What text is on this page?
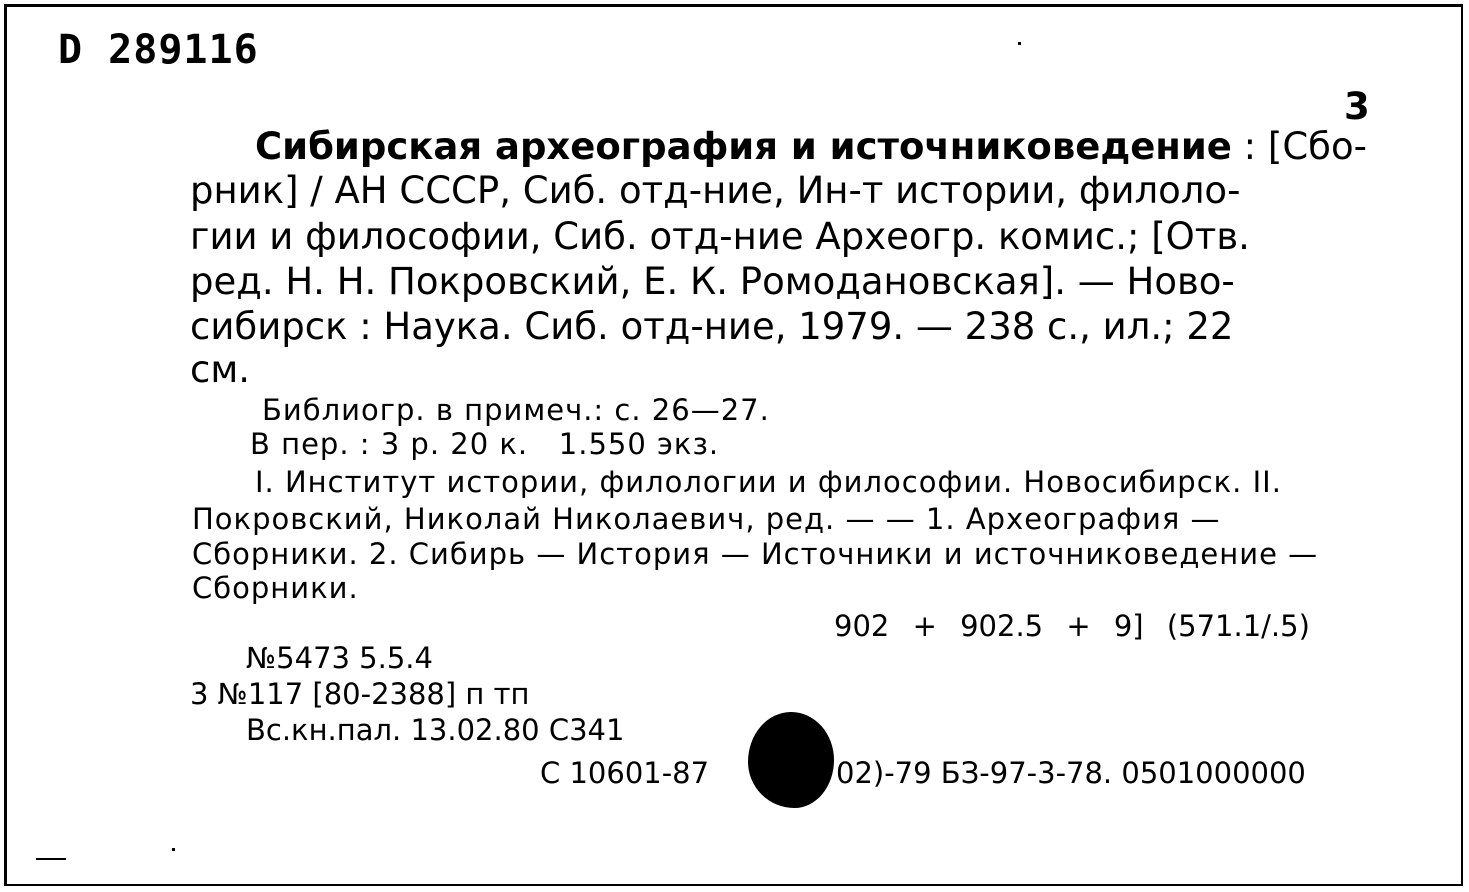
D 289116
3
Сибирская археография и источниковедение : [Сбо-
рник] / АН СССР, Сиб. отд-ние, Ин-т истории, филоло-
гии и философии, Сиб. отд-ние Археогр. комис.; [Отв.
ред. Н. Н. Покровский, Е. К. Ромодановская]. — Ново-
сибирск : Наука. Сиб. отд-ние, 1979. — 238 с., ил.; 22
см.
Библиогр. в примеч.: с. 26—27.
В пер. : 3 р. 20 к.   1.550 экз.
I. Институт истории, филологии и философии. Новосибирск. II.
Покровский, Николай Николаевич, ред. — — 1. Археография —
Сборники. 2. Сибирь — История — Источники и источниковедение —
Сборники.
902 + 902.5 + 9] (571.1/.5)
№5473 5.5.4
3 №117 [80-2388] п тп
Вс.кн.пал. 13.02.80 С341
С 10601-87	02)-79 БЗ-97-3-78. 0501000000
